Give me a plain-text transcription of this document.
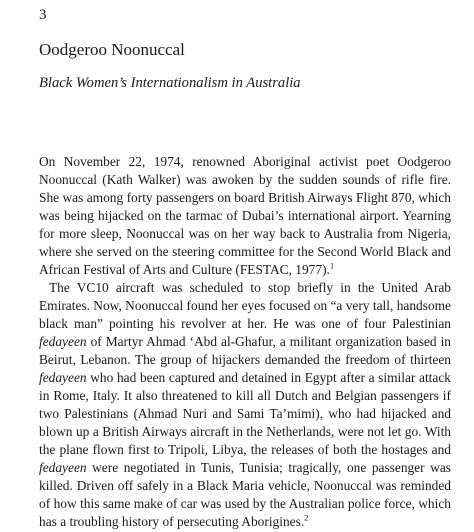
3
Oodgeroo Noonuccal
Black Women’s Internationalism in Australia

On November 22, 1974, renowned Aboriginal activist poet Oodgeroo Noonuccal (Kath Walker) was awoken by the sudden sounds of rifle fire. She was among forty passengers on board British Airways Flight 870, which was being hijacked on the tarmac of Dubai’s international airport. Yearning for more sleep, Noonuccal was on her way back to Australia from Nigeria, where she served on the steering committee for the Second World Black and African Festival of Arts and Culture (FESTAC, 1977).$^1$

The VC10 aircraft was scheduled to stop briefly in the United Arab Emirates. Now, Noonuccal found her eyes focused on “a very tall, handsome black man” pointing his revolver at her. He was one of four Palestinian fedayeen of Martyr Ahmad ‘Abd al-Ghafur, a militant organization based in Beirut, Lebanon. The group of hijackers demanded the freedom of thirteen fedayeen who had been captured and detained in Egypt after a similar attack in Rome, Italy. It also threatened to kill all Dutch and Belgian passengers if two Palestinians (Ahmad Nuri and Sami Ta’mimi), who had hijacked and blown up a British Airways aircraft in the Netherlands, were not let go. With the plane flown first to Tripoli, Libya, the releases of both the hostages and fedayeen were negotiated in Tunis, Tunisia; tragically, one passenger was killed. Driven off safely in a Black Maria vehicle, Noonuccal was reminded of how this same make of car was used by the Australian police force, which has a troubling history of persecuting Aborigines.$^2$
